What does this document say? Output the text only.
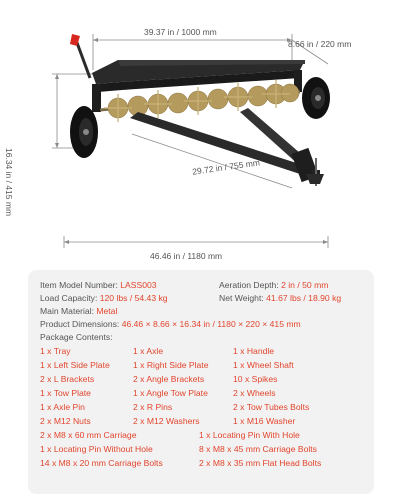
39.37 in / 1000 mm
8.66 in / 220 mm
16.34 in / 415 mm	29.72 in / 755 mm
46.46 in / 1180 mm
Item Model Number: LASS003	Aeration Depth: 2 in / 50 mm
Load Capacity: 120 lbs / 54.43 kg	Net Weight: 41.67 lbs / 18.90 kg
Main Material: Metal
Product Dimensions: 46.46 × 8.66 × 16.34 in / 1180 × 220 × 415 mm
Package Contents:
1 x Tray	1 x Axle	1 x Handle
1 x Left Side Plate	1 x Right Side Plate	1 x Wheel Shaft
2 x L Brackets	2 x Angle Brackets	10 x Spikes
1 x Tow Plate	1 x Angle Tow Plate	2 x Wheels
1 x Axle Pin	2 x R Pins	2 x Tow Tubes Bolts
2 x M12 Nuts	2 x M12 Washers	1 x M16 Washer
2 x M8 x 60 mm Carriage	1 x Locating Pin With Hole
1 x Locating Pin Without Hole	8 x M8 x 45 mm Carriage Bolts
14 x M8 x 20 mm Carriage Bolts	2 x M8 x 35 mm Flat Head Bolts
